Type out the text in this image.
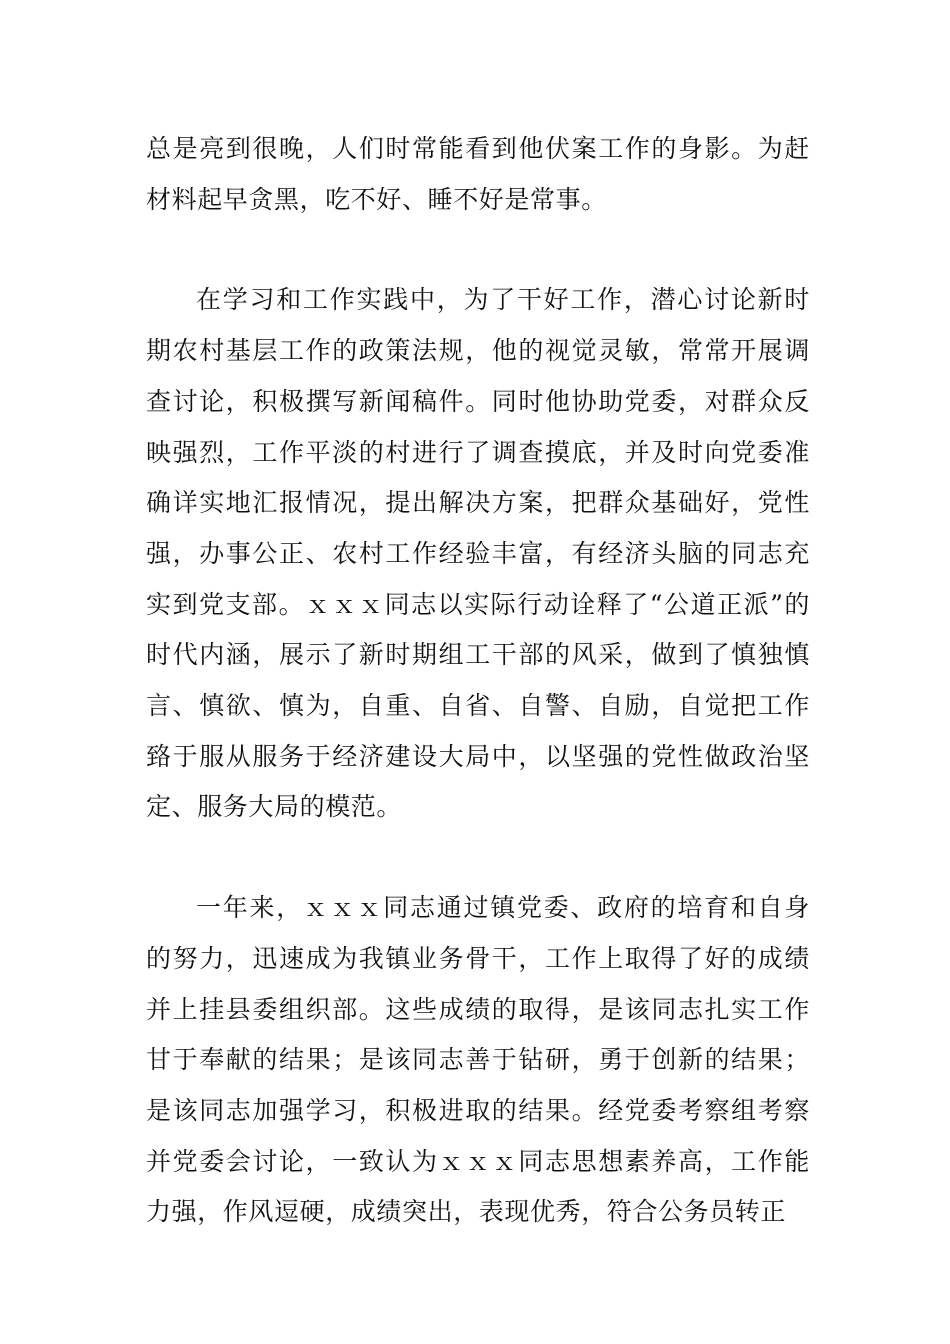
总是亮到很晚，人们时常能看到他伏案工作的身影。为赶材料起早贪黑，吃不好、睡不好是常事。

在学习和工作实践中，为了干好工作，潜心讨论新时期农村基层工作的政策法规，他的视觉灵敏，常常开展调查讨论，积极撰写新闻稿件。同时他协助党委，对群众反映强烈，工作平淡的村进行了调查摸底，并及时向党委准确详实地汇报情况，提出解决方案，把群众基础好，党性强，办事公正、农村工作经验丰富，有经济头脑的同志充实到党支部。ｘｘｘ同志以实际行动诠释了“公道正派”的时代内涵，展示了新时期组工干部的风采，做到了慎独慎言、慎欲、慎为，自重、自省、自警、自励，自觉把工作臵于服从服务于经济建设大局中，以坚强的党性做政治坚定、服务大局的模范。

一年来，ｘｘｘ同志通过镇党委、政府的培育和自身的努力，迅速成为我镇业务骨干，工作上取得了好的成绩并上挂县委组织部。这些成绩的取得，是该同志扎实工作甘于奉献的结果；是该同志善于钻研，勇于创新的结果；是该同志加强学习，积极进取的结果。经党委考察组考察并党委会讨论，一致认为ｘｘｘ同志思想素养高，工作能力强，作风逗硬，成绩突出，表现优秀，符合公务员转正
